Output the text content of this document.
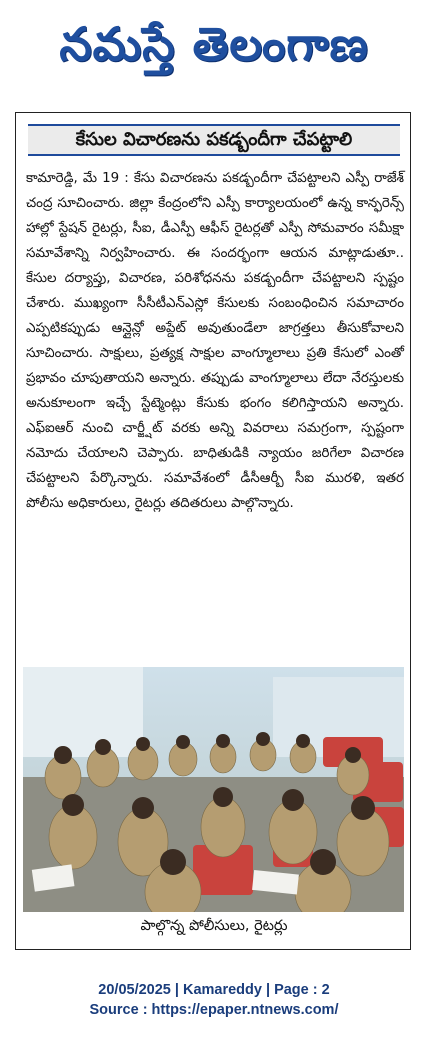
నమస్తే తెలంగాణ
కేసుల విచారణను పకడ్బందీగా చేపట్టాలి
కామారెడ్డి, మే 19 : కేసు విచారణను పకడ్బందీగా చేపట్టాలని ఎస్పీ రాజేశ్ చంద్ర సూచించారు. జిల్లా కేంద్రంలోని ఎస్పీ కార్యాలయంలో ఉన్న కాన్ఫరెన్స్ హాల్లో స్టేషన్ రైటర్లు, సీఐ, డీఎస్పీ ఆఫీస్ రైటర్లతో ఎస్పీ సోమవారం సమీక్షా సమావేశాన్ని నిర్వహించారు. ఈ సందర్భంగా ఆయన మాట్లాడుతూ.. కేసుల దర్యాప్తు, విచారణ, పరిశోధనను పకడ్బందీగా చేపట్టాలని స్పష్టం చేశారు. ముఖ్యంగా సీసీటీఎన్ఎస్లో కేసులకు సంబంధించిన సమాచారం ఎప్పటికప్పుడు ఆన్లైన్లో అప్డేట్ అవుతుండేలా జాగ్రత్తలు తీసుకోవాలని సూచించారు. సాక్షులు, ప్రత్యక్ష సాక్షుల వాంగ్మూలాలు ప్రతి కేసులో ఎంతో ప్రభావం చూపుతాయని అన్నారు. తప్పుడు వాంగ్మూలాలు లేదా నేరస్తులకు అనుకూలంగా ఇచ్చే స్టేట్మెంట్లు కేసుకు భంగం కలిగిస్తాయని అన్నారు. ఎఫ్ఐఆర్ నుంచి చార్జ్షీట్ వరకు అన్ని వివరాలు సమగ్రంగా, స్పష్టంగా నమోదు చేయాలని చెప్పారు. బాధితుడికి న్యాయం జరిగేలా విచారణ చేపట్టాలని పేర్కొన్నారు. సమావేశంలో డీసీఆర్బీ సీఐ మురళి, ఇతర పోలీసు అధికారులు, రైటర్లు తదితరులు పాల్గొన్నారు.
పాల్గొన్న పోలీసులు, రైటర్లు
20/05/2025 | Kamareddy | Page : 2
Source : https://epaper.ntnews.com/
